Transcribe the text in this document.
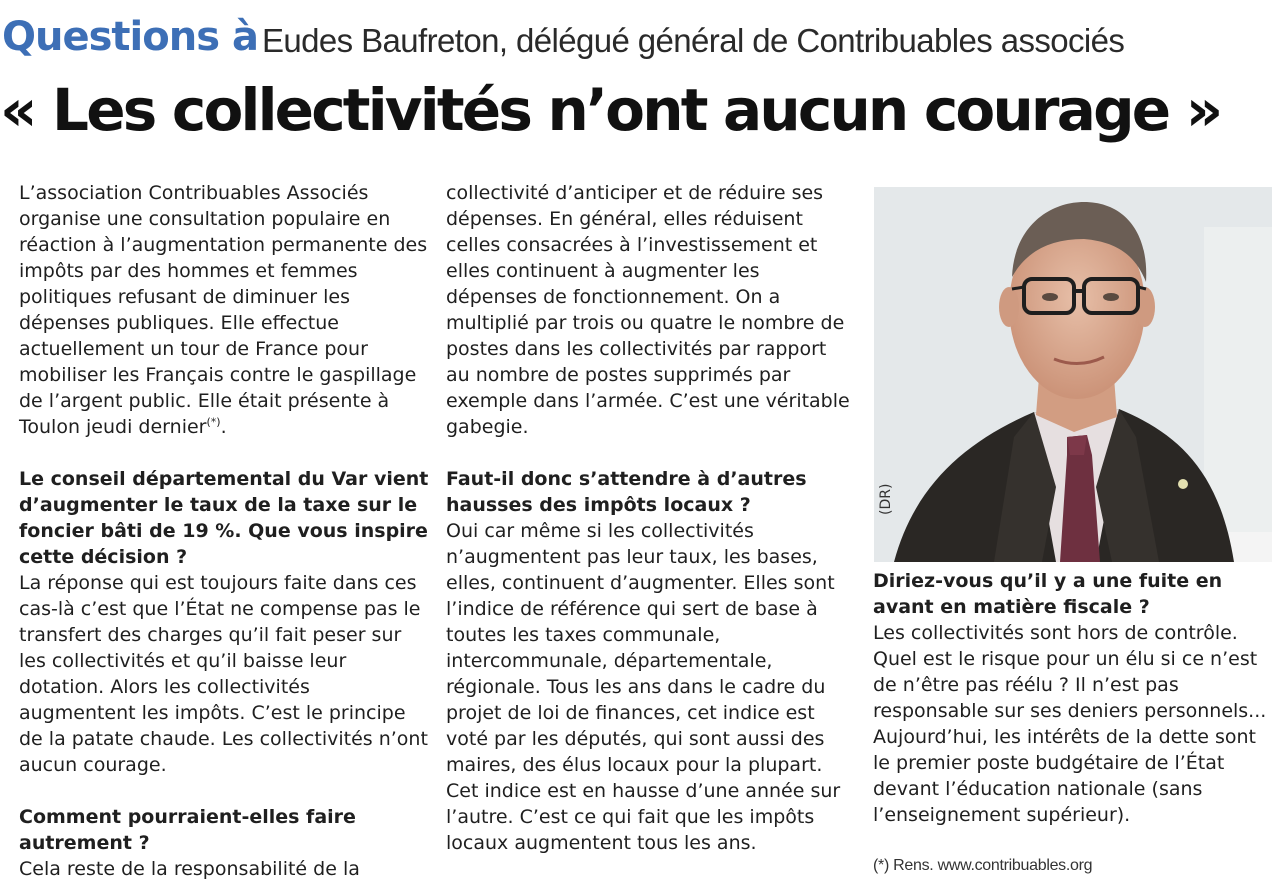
Questions à Eudes Baufreton, délégué général de Contribuables associés
« Les collectivités n’ont aucun courage »

L’association Contribuables Associés organise une consultation populaire en réaction à l’augmentation permanente des impôts par des hommes et femmes politiques refusant de diminuer les dépenses publiques. Elle effectue actuellement un tour de France pour mobiliser les Français contre le gaspillage de l’argent public. Elle était présente à Toulon jeudi dernier(*).

Le conseil départemental du Var vient d’augmenter le taux de la taxe sur le foncier bâti de 19 %. Que vous inspire cette décision ?

La réponse qui est toujours faite dans ces cas-là c’est que l’État ne compense pas le transfert des charges qu’il fait peser sur les collectivités et qu’il baisse leur dotation. Alors les collectivités augmentent les impôts. C’est le principe de la patate chaude. Les collectivités n’ont aucun courage.

Comment pourraient-elles faire autrement ?

Cela reste de la responsabilité de la

collectivité d’anticiper et de réduire ses dépenses. En général, elles réduisent celles consacrées à l’investissement et elles continuent à augmenter les dépenses de fonctionnement. On a multiplié par trois ou quatre le nombre de postes dans les collectivités par rapport au nombre de postes supprimés par exemple dans l’armée. C’est une véritable gabegie.

Faut-il donc s’attendre à d’autres hausses des impôts locaux ?

Oui car même si les collectivités n’augmentent pas leur taux, les bases, elles, continuent d’augmenter. Elles sont l’indice de référence qui sert de base à toutes les taxes communale, intercommunale, départementale, régionale. Tous les ans dans le cadre du projet de loi de finances, cet indice est voté par les députés, qui sont aussi des maires, des élus locaux pour la plupart. Cet indice est en hausse d’une année sur l’autre. C’est ce qui fait que les impôts locaux augmentent tous les ans.

(DR)

Diriez-vous qu’il y a une fuite en avant en matière fiscale ?

Les collectivités sont hors de contrôle. Quel est le risque pour un élu si ce n’est de n’être pas réélu ? Il n’est pas responsable sur ses deniers personnels... Aujourd’hui, les intérêts de la dette sont le premier poste budgétaire de l’État devant l’éducation nationale (sans l’enseignement supérieur).

(*) Rens. www.contribuables.org
